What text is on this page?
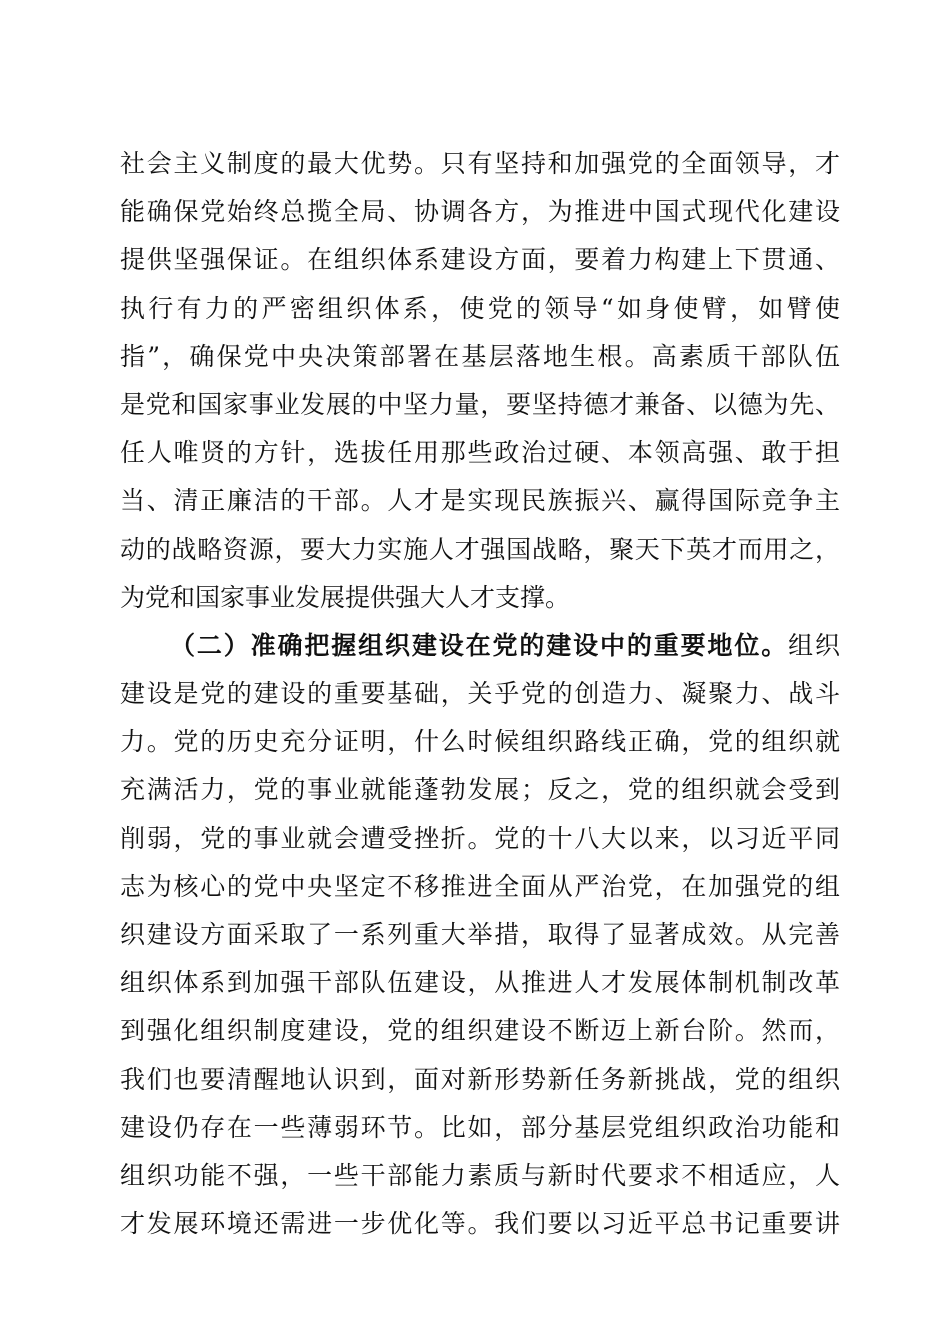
社会主义制度的最大优势。只有坚持和加强党的全面领导，才
能确保党始终总揽全局、协调各方，为推进中国式现代化建设
提供坚强保证。在组织体系建设方面，要着力构建上下贯通、
执行有力的严密组织体系，使党的领导“如身使臂，如臂使
指”，确保党中央决策部署在基层落地生根。高素质干部队伍
是党和国家事业发展的中坚力量，要坚持德才兼备、以德为先、
任人唯贤的方针，选拔任用那些政治过硬、本领高强、敢于担
当、清正廉洁的干部。人才是实现民族振兴、赢得国际竞争主
动的战略资源，要大力实施人才强国战略，聚天下英才而用之，
为党和国家事业发展提供强大人才支撑。
（二）准确把握组织建设在党的建设中的重要地位。组织
建设是党的建设的重要基础，关乎党的创造力、凝聚力、战斗
力。党的历史充分证明，什么时候组织路线正确，党的组织就
充满活力，党的事业就能蓬勃发展；反之，党的组织就会受到
削弱，党的事业就会遭受挫折。党的十八大以来，以习近平同
志为核心的党中央坚定不移推进全面从严治党，在加强党的组
织建设方面采取了一系列重大举措，取得了显著成效。从完善
组织体系到加强干部队伍建设，从推进人才发展体制机制改革
到强化组织制度建设，党的组织建设不断迈上新台阶。然而，
我们也要清醒地认识到，面对新形势新任务新挑战，党的组织
建设仍存在一些薄弱环节。比如，部分基层党组织政治功能和
组织功能不强，一些干部能力素质与新时代要求不相适应，人
才发展环境还需进一步优化等。我们要以习近平总书记重要讲
